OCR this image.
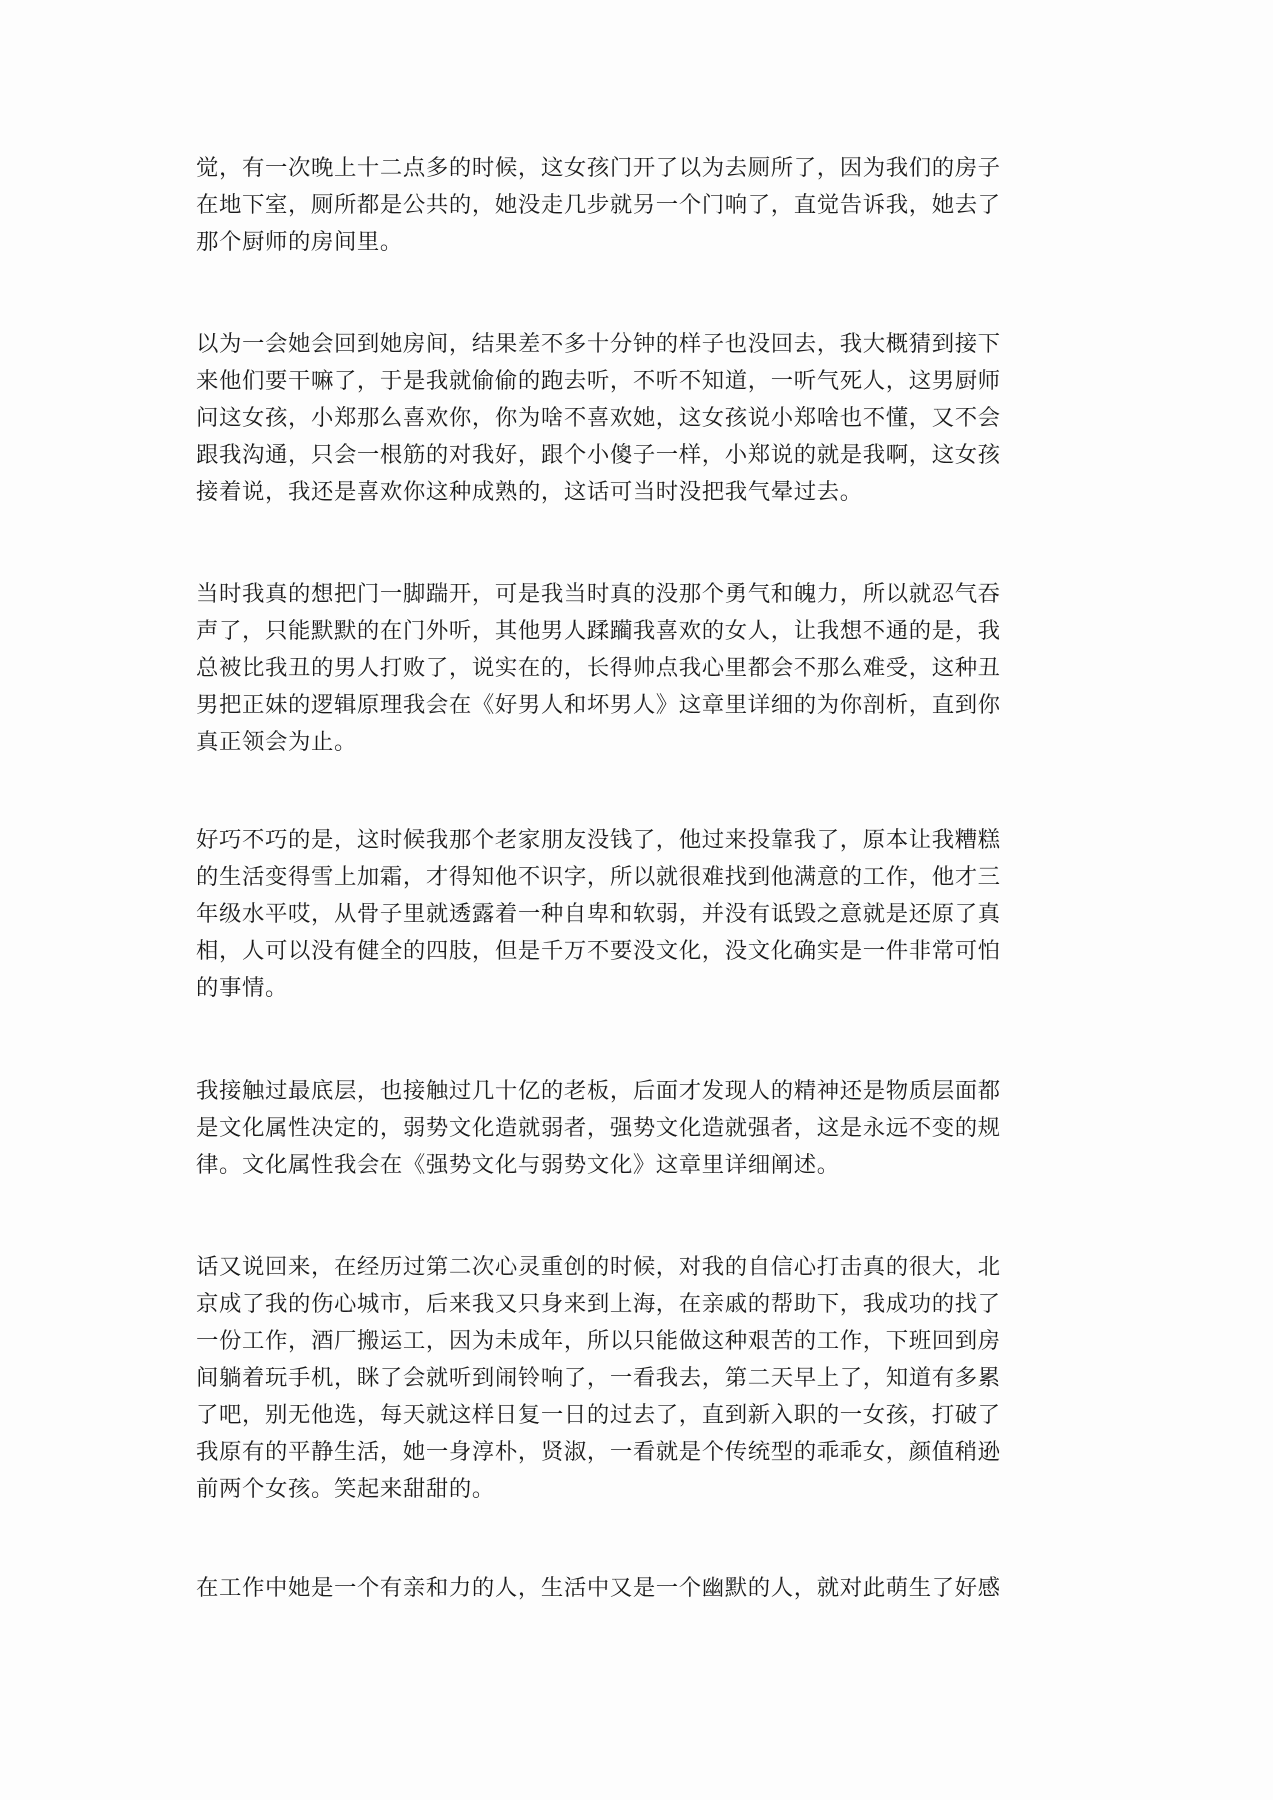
觉，有一次晚上十二点多的时候，这女孩门开了以为去厕所了，因为我们的房子
在地下室，厕所都是公共的，她没走几步就另一个门响了，直觉告诉我，她去了
那个厨师的房间里。
以为一会她会回到她房间，结果差不多十分钟的样子也没回去，我大概猜到接下
来他们要干嘛了，于是我就偷偷的跑去听，不听不知道，一听气死人，这男厨师
问这女孩，小郑那么喜欢你，你为啥不喜欢她，这女孩说小郑啥也不懂，又不会
跟我沟通，只会一根筋的对我好，跟个小傻子一样，小郑说的就是我啊，这女孩
接着说，我还是喜欢你这种成熟的，这话可当时没把我气晕过去。
当时我真的想把门一脚踹开，可是我当时真的没那个勇气和魄力，所以就忍气吞
声了，只能默默的在门外听，其他男人蹂躏我喜欢的女人，让我想不通的是，我
总被比我丑的男人打败了，说实在的，长得帅点我心里都会不那么难受，这种丑
男把正妹的逻辑原理我会在《好男人和坏男人》这章里详细的为你剖析，直到你
真正领会为止。
好巧不巧的是，这时候我那个老家朋友没钱了，他过来投靠我了，原本让我糟糕
的生活变得雪上加霜，才得知他不识字，所以就很难找到他满意的工作，他才三
年级水平哎，从骨子里就透露着一种自卑和软弱，并没有诋毁之意就是还原了真
相，人可以没有健全的四肢，但是千万不要没文化，没文化确实是一件非常可怕
的事情。
我接触过最底层，也接触过几十亿的老板，后面才发现人的精神还是物质层面都
是文化属性决定的，弱势文化造就弱者，强势文化造就强者，这是永远不变的规
律。文化属性我会在《强势文化与弱势文化》这章里详细阐述。
话又说回来，在经历过第二次心灵重创的时候，对我的自信心打击真的很大，北
京成了我的伤心城市，后来我又只身来到上海，在亲戚的帮助下，我成功的找了
一份工作，酒厂搬运工，因为未成年，所以只能做这种艰苦的工作，下班回到房
间躺着玩手机，眯了会就听到闹铃响了，一看我去，第二天早上了，知道有多累
了吧，别无他选，每天就这样日复一日的过去了，直到新入职的一女孩，打破了
我原有的平静生活，她一身淳朴，贤淑，一看就是个传统型的乖乖女，颜值稍逊
前两个女孩。笑起来甜甜的。
在工作中她是一个有亲和力的人，生活中又是一个幽默的人，就对此萌生了好感
